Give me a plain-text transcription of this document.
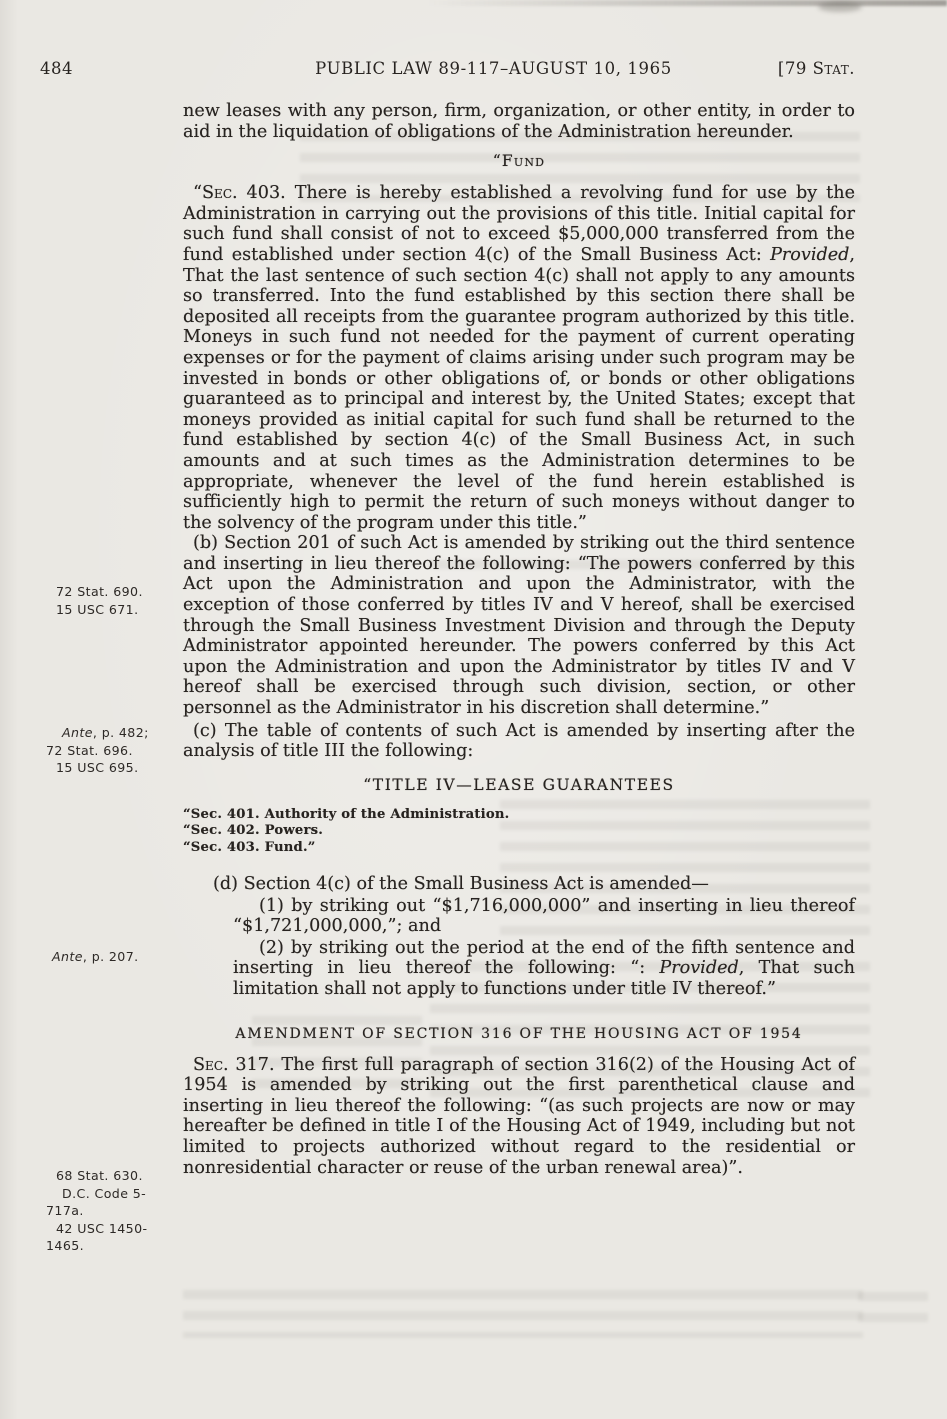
484	PUBLIC LAW 89-117–AUGUST 10, 1965	[79 Stat.
72 Stat. 690.
15 USC 671.
Ante, p. 482;
72 Stat. 696.
15 USC 695.
Ante, p. 207.
68 Stat. 630.
D.C. Code 5-
717a.
42 USC 1450-
1465.

new leases with any person, firm, organization, or other entity, in order to aid in the liquidation of obligations of the Administration hereunder.

“Fund

“Sec. 403. There is hereby established a revolving fund for use by the Administration in carrying out the provisions of this title. Initial capital for such fund shall consist of not to exceed $5,000,000 transferred from the fund established under section 4(c) of the Small Business Act: Provided, That the last sentence of such section 4(c) shall not apply to any amounts so transferred. Into the fund established by this section there shall be deposited all receipts from the guarantee program authorized by this title. Moneys in such fund not needed for the payment of current operating expenses or for the payment of claims arising under such program may be invested in bonds or other obligations of, or bonds or other obligations guaranteed as to principal and interest by, the United States; except that moneys provided as initial capital for such fund shall be returned to the fund established by section 4(c) of the Small Business Act, in such amounts and at such times as the Administration determines to be appropriate, whenever the level of the fund herein established is sufficiently high to permit the return of such moneys without danger to the solvency of the program under this title.”

(b) Section 201 of such Act is amended by striking out the third sentence and inserting in lieu thereof the following: “The powers conferred by this Act upon the Administration and upon the Administrator, with the exception of those conferred by titles IV and V hereof, shall be exercised through the Small Business Investment Division and through the Deputy Administrator appointed hereunder. The powers conferred by this Act upon the Administration and upon the Administrator by titles IV and V hereof shall be exercised through such division, section, or other personnel as the Administrator in his discretion shall determine.”

(c) The table of contents of such Act is amended by inserting after the analysis of title III the following:

“TITLE IV—LEASE GUARANTEES
“Sec. 401. Authority of the Administration.
“Sec. 402. Powers.
“Sec. 403. Fund.”

(d) Section 4(c) of the Small Business Act is amended—

(1) by striking out “$1,716,000,000” and inserting in lieu thereof “$1,721,000,000,”; and

(2) by striking out the period at the end of the fifth sentence and inserting in lieu thereof the following: “: Provided, That such limitation shall not apply to functions under title IV thereof.”

AMENDMENT OF SECTION 316 OF THE HOUSING ACT OF 1954

Sec. 317. The first full paragraph of section 316(2) of the Housing Act of 1954 is amended by striking out the first parenthetical clause and inserting in lieu thereof the following: “(as such projects are now or may hereafter be defined in title I of the Housing Act of 1949, including but not limited to projects authorized without regard to the residential or nonresidential character or reuse of the urban renewal area)”.
